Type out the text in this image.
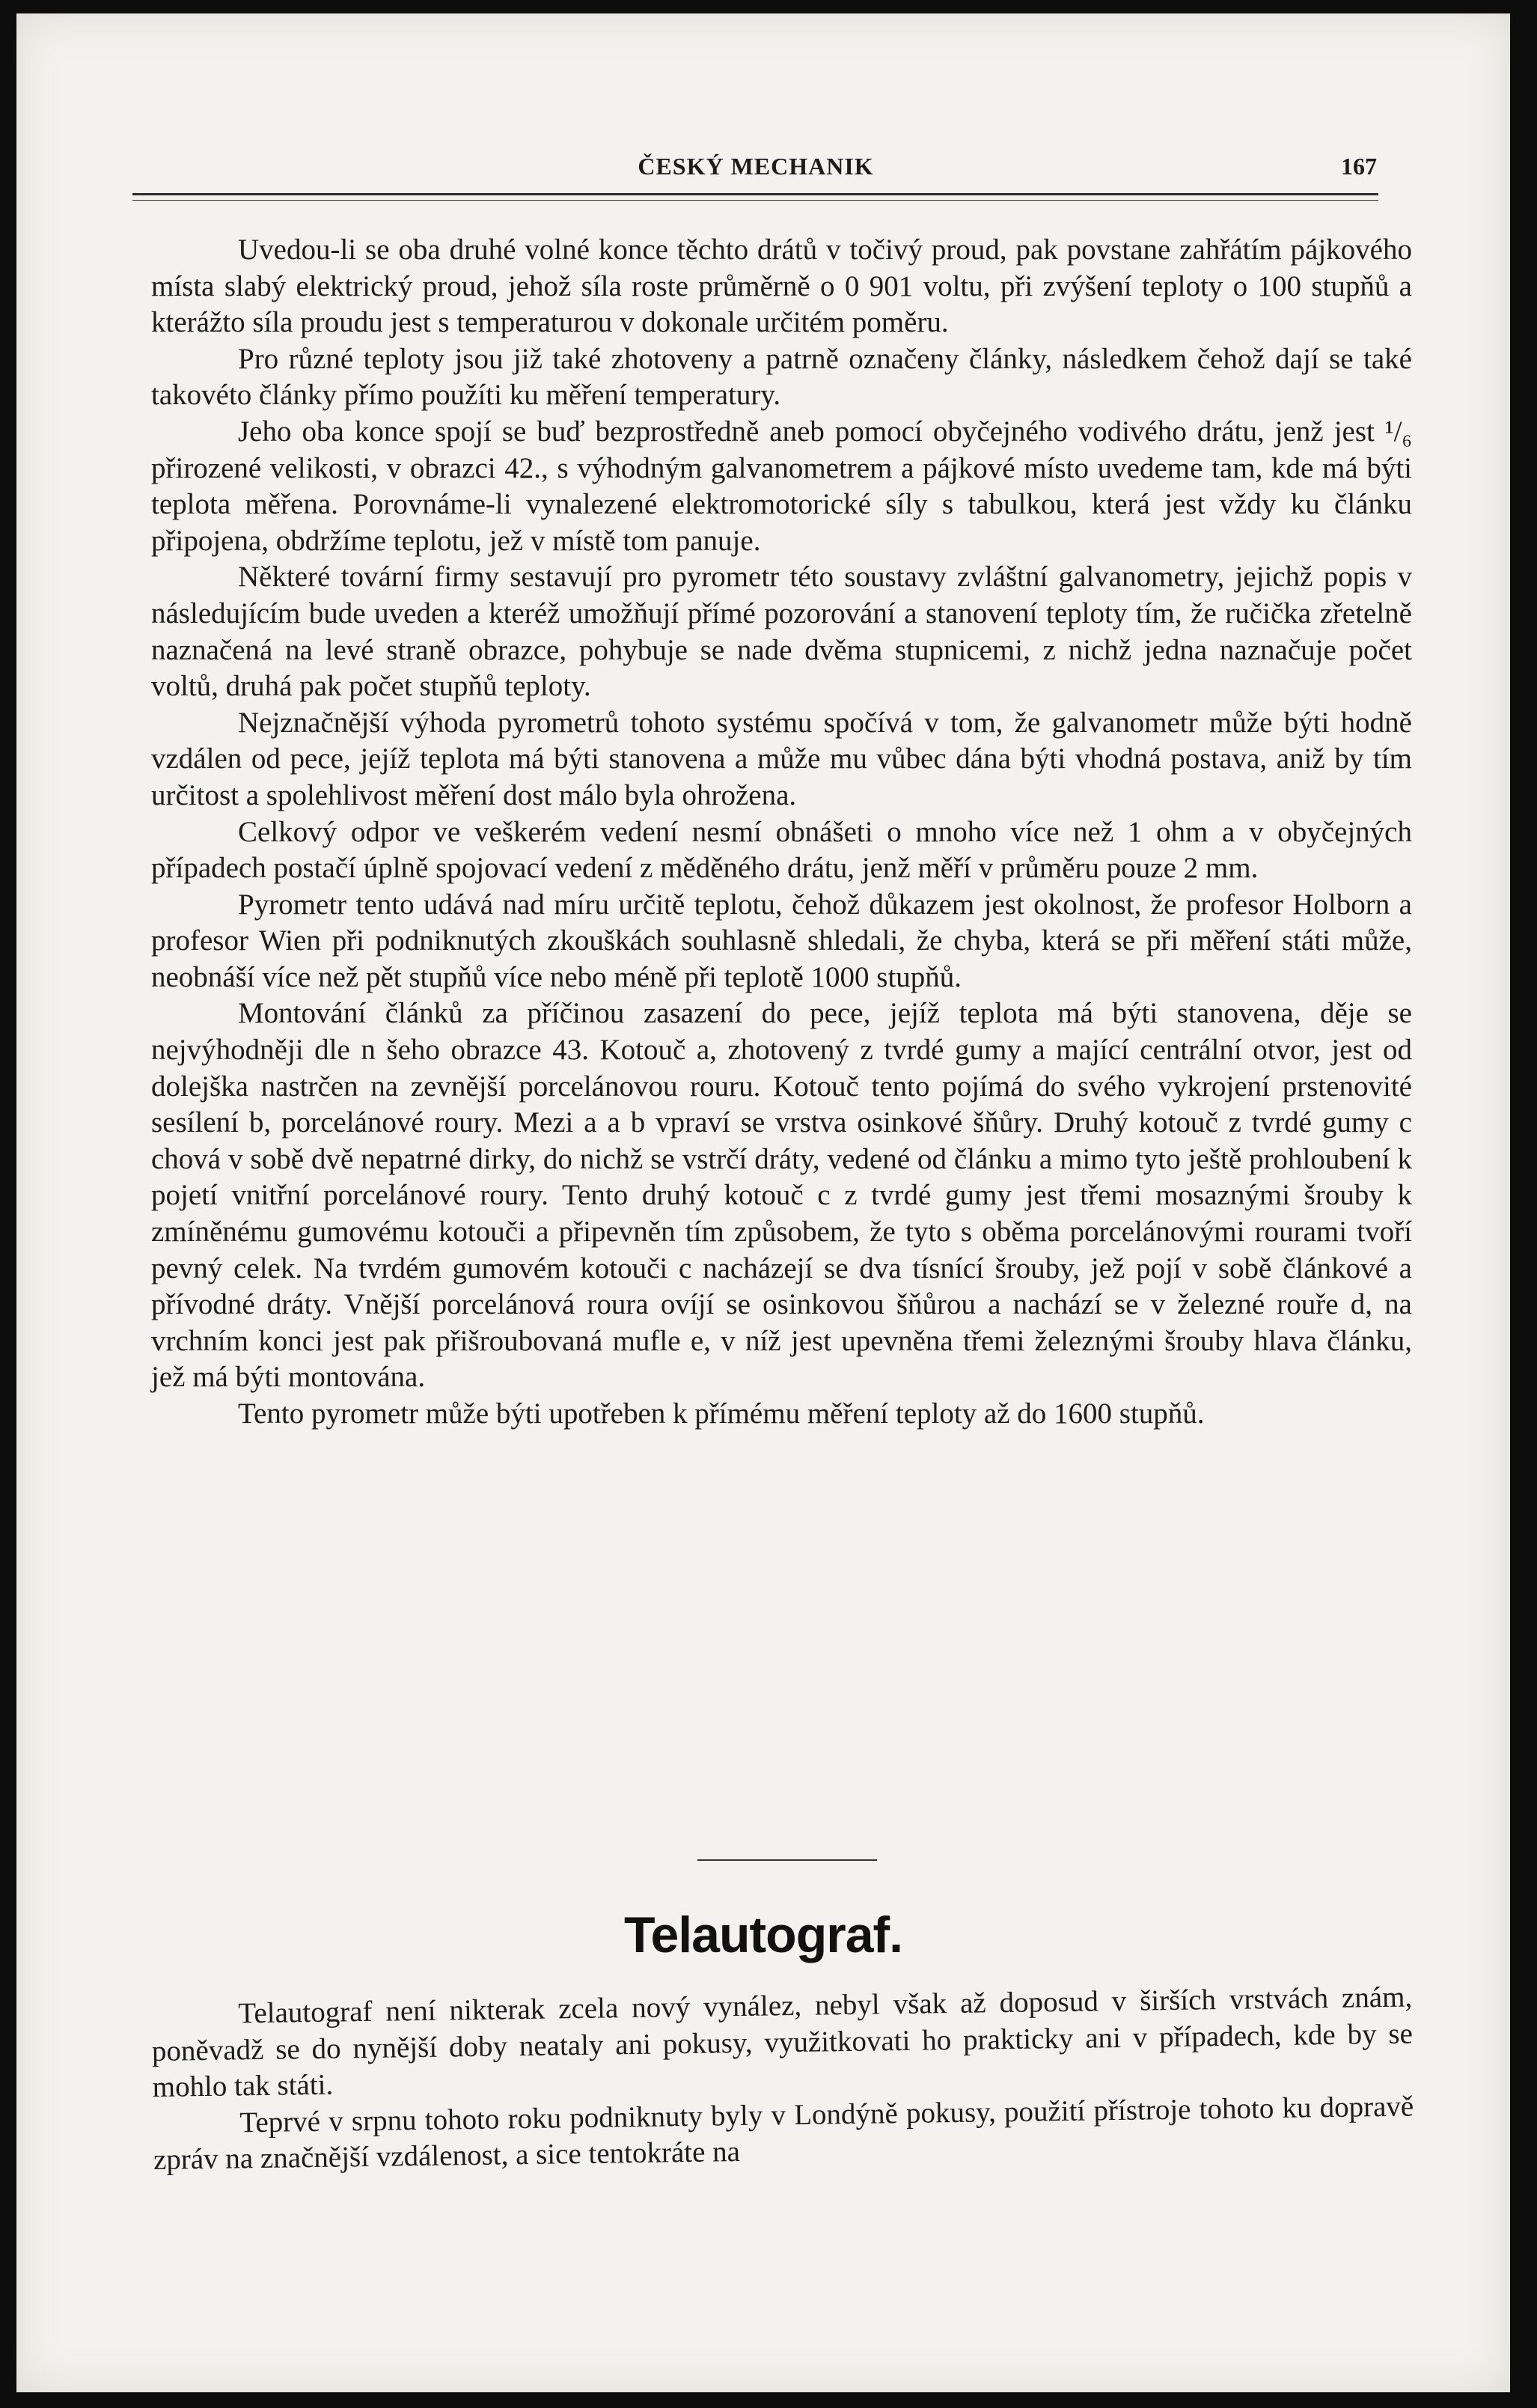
ČESKÝ MECHANIK	167

Uvedou-li se oba druhé volné konce těchto drátů v točivý proud, pak povstane zahřátím pájkového místa slabý elektrický proud, jehož síla roste průměrně o 0 901 voltu, při zvýšení teploty o 100 stupňů a kterážto síla proudu jest s temperaturou v dokonale určitém poměru.

Pro různé teploty jsou již také zhotoveny a patrně označeny články, následkem čehož dají se také takovéto články přímo použíti ku měření temperatury.

Jeho oba konce spojí se buď bezprostředně aneb pomocí obyčejného vodivého drátu, jenž jest ¹/₆ přirozené velikosti, v obrazci 42., s výhodným galvanometrem a pájkové místo uvedeme tam, kde má býti teplota měřena. Porovnáme-li vynalezené elektromotorické síly s tabulkou, která jest vždy ku článku připojena, obdržíme teplotu, jež v místě tom panuje.

Některé tovární firmy sestavují pro pyrometr této soustavy zvláštní galvanometry, jejichž popis v následujícím bude uveden a kteréž umožňují přímé pozorování a stanovení teploty tím, že ručička zřetelně naznačená na levé straně obrazce, pohybuje se nade dvěma stupnicemi, z nichž jedna naznačuje počet voltů, druhá pak počet stupňů teploty.

Nejznačnější výhoda pyrometrů tohoto systému spočívá v tom, že galvanometr může býti hodně vzdálen od pece, jejíž teplota má býti stanovena a může mu vůbec dána býti vhodná postava, aniž by tím určitost a spolehlivost měření dost málo byla ohrožena.

Celkový odpor ve veškerém vedení nesmí obnášeti o mnoho více než 1 ohm a v obyčejných případech postačí úplně spojovací vedení z měděného drátu, jenž měří v průměru pouze 2 mm.

Pyrometr tento udává nad míru určitě teplotu, čehož důkazem jest okolnost, že profesor Holborn a profesor Wien při podniknutých zkouškách souhlasně shledali, že chyba, která se při měření státi může, neobnáší více než pět stupňů více nebo méně při teplotě 1000 stupňů.

Montování článků za příčinou zasazení do pece, jejíž teplota má býti stanovena, děje se nejvýhodněji dle n šeho obrazce 43. Kotouč a, zhotovený z tvrdé gumy a mající centrální otvor, jest od dolejška nastrčen na zevnější porcelánovou rouru. Kotouč tento pojímá do svého vykrojení prstenovité sesílení b, porcelánové roury. Mezi a a b vpraví se vrstva osinkové šňůry. Druhý kotouč z tvrdé gumy c chová v sobě dvě nepatrné dirky, do nichž se vstrčí dráty, vedené od článku a mimo tyto ještě prohloubení k pojetí vnitřní porcelánové roury. Tento druhý kotouč c z tvrdé gumy jest třemi mosaznými šrouby k zmíněnému gumovému kotouči a připevněn tím způsobem, že tyto s oběma porcelánovými rourami tvoří pevný celek. Na tvrdém gumovém kotouči c nacházejí se dva tísnící šrouby, jež pojí v sobě článkové a přívodné dráty. Vnější porcelánová roura ovíjí se osinkovou šňůrou a nachází se v železné rouře d, na vrchním konci jest pak přišroubovaná mufle e, v níž jest upevněna třemi železnými šrouby hlava článku, jež má býti montována.

Tento pyrometr může býti upotřeben k přímému měření teploty až do 1600 stupňů.

Telautograf.

Telautograf není nikterak zcela nový vynález, nebyl však až doposud v širších vrstvách znám, poněvadž se do nynější doby neataly ani pokusy, využitkovati ho prakticky ani v případech, kde by se mohlo tak státi.

Teprvé v srpnu tohoto roku podniknuty byly v Londýně pokusy, použití přístroje tohoto ku dopravě zpráv na značnější vzdálenost, a sice tentokráte na
